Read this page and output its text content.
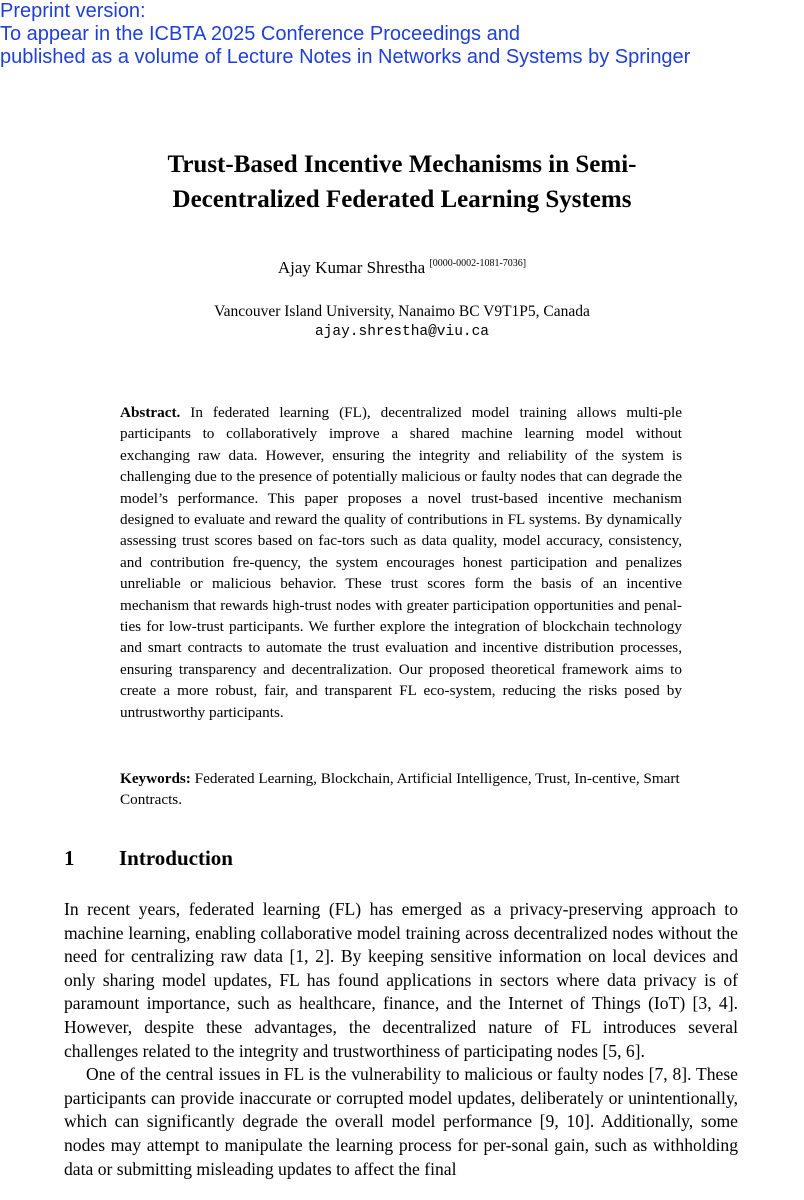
Preprint version:
To appear in the ICBTA 2025 Conference Proceedings and
published as a volume of Lecture Notes in Networks and Systems by Springer
Trust-Based Incentive Mechanisms in Semi-
Decentralized Federated Learning Systems
Ajay Kumar Shrestha [0000-0002-1081-7036]
Vancouver Island University, Nanaimo BC V9T1P5, Canada
ajay.shrestha@viu.ca
Abstract. In federated learning (FL), decentralized model training allows multi-ple participants to collaboratively improve a shared machine learning model without exchanging raw data. However, ensuring the integrity and reliability of the system is challenging due to the presence of potentially malicious or faulty nodes that can degrade the model’s performance. This paper proposes a novel trust-based incentive mechanism designed to evaluate and reward the quality of contributions in FL systems. By dynamically assessing trust scores based on fac-tors such as data quality, model accuracy, consistency, and contribution fre-quency, the system encourages honest participation and penalizes unreliable or malicious behavior. These trust scores form the basis of an incentive mechanism that rewards high-trust nodes with greater participation opportunities and penal-ties for low-trust participants. We further explore the integration of blockchain technology and smart contracts to automate the trust evaluation and incentive distribution processes, ensuring transparency and decentralization. Our proposed theoretical framework aims to create a more robust, fair, and transparent FL eco-system, reducing the risks posed by untrustworthy participants.
Keywords: Federated Learning, Blockchain, Artificial Intelligence, Trust, In-centive, Smart Contracts.
1 Introduction

In recent years, federated learning (FL) has emerged as a privacy-preserving approach to machine learning, enabling collaborative model training across decentralized nodes without the need for centralizing raw data [1, 2]. By keeping sensitive information on local devices and only sharing model updates, FL has found applications in sectors where data privacy is of paramount importance, such as healthcare, finance, and the Internet of Things (IoT) [3, 4]. However, despite these advantages, the decentralized nature of FL introduces several challenges related to the integrity and trustworthiness of participating nodes [5, 6].

One of the central issues in FL is the vulnerability to malicious or faulty nodes [7, 8]. These participants can provide inaccurate or corrupted model updates, deliberately or unintentionally, which can significantly degrade the overall model performance [9, 10]. Additionally, some nodes may attempt to manipulate the learning process for per-sonal gain, such as withholding data or submitting misleading updates to affect the final
